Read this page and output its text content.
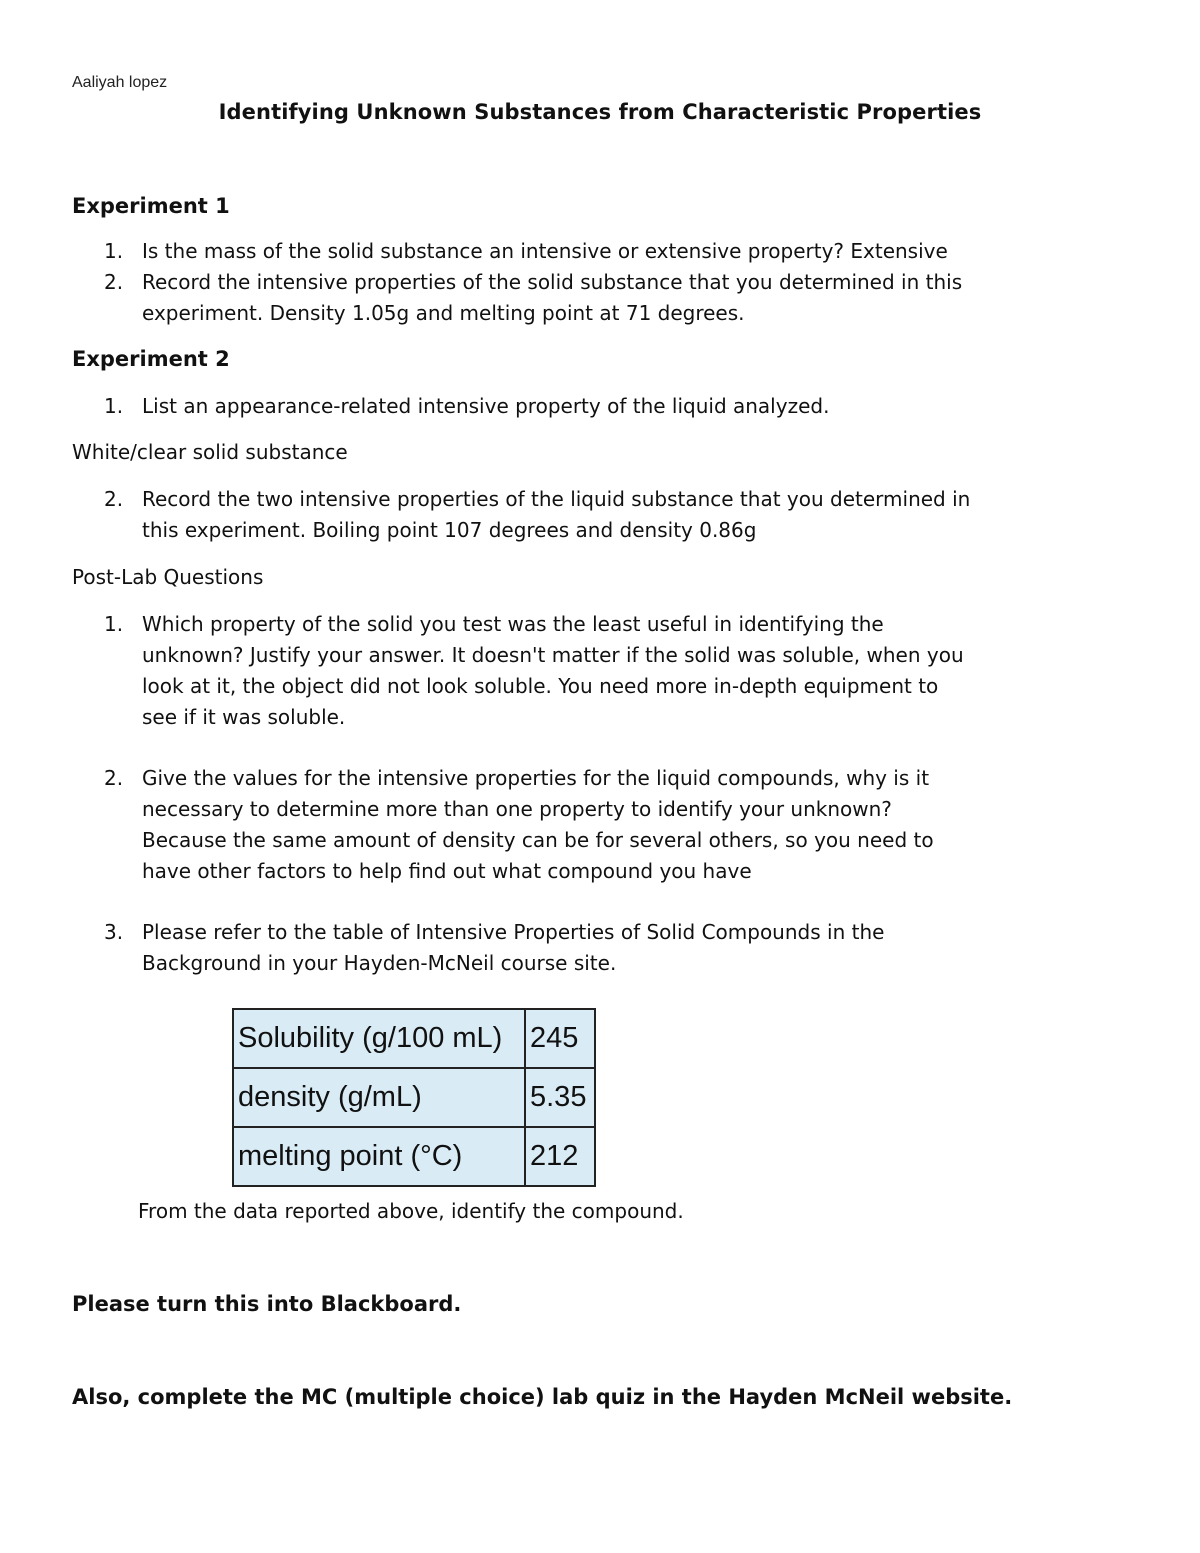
Aaliyah lopez
Identifying Unknown Substances from Characteristic Properties
Experiment 1
1. Is the mass of the solid substance an intensive or extensive property? Extensive
2. Record the intensive properties of the solid substance that you determined in this
experiment. Density 1.05g and melting point at 71 degrees.
Experiment 2
1. List an appearance-related intensive property of the liquid analyzed.
White/clear solid substance
2. Record the two intensive properties of the liquid substance that you determined in
this experiment. Boiling point 107 degrees and density 0.86g
Post-Lab Questions
1. Which property of the solid you test was the least useful in identifying the
unknown? Justify your answer. It doesn't matter if the solid was soluble, when you
look at it, the object did not look soluble. You need more in-depth equipment to
see if it was soluble.
2. Give the values for the intensive properties for the liquid compounds, why is it
necessary to determine more than one property to identify your unknown?
Because the same amount of density can be for several others, so you need to
have other factors to help find out what compound you have
3. Please refer to the table of Intensive Properties of Solid Compounds in the
Background in your Hayden-McNeil course site.
Solubility (g/100 mL)	245
density (g/mL)	5.35
melting point (°C)	212
From the data reported above, identify the compound.
Please turn this into Blackboard.
Also, complete the MC (multiple choice) lab quiz in the Hayden McNeil website.
